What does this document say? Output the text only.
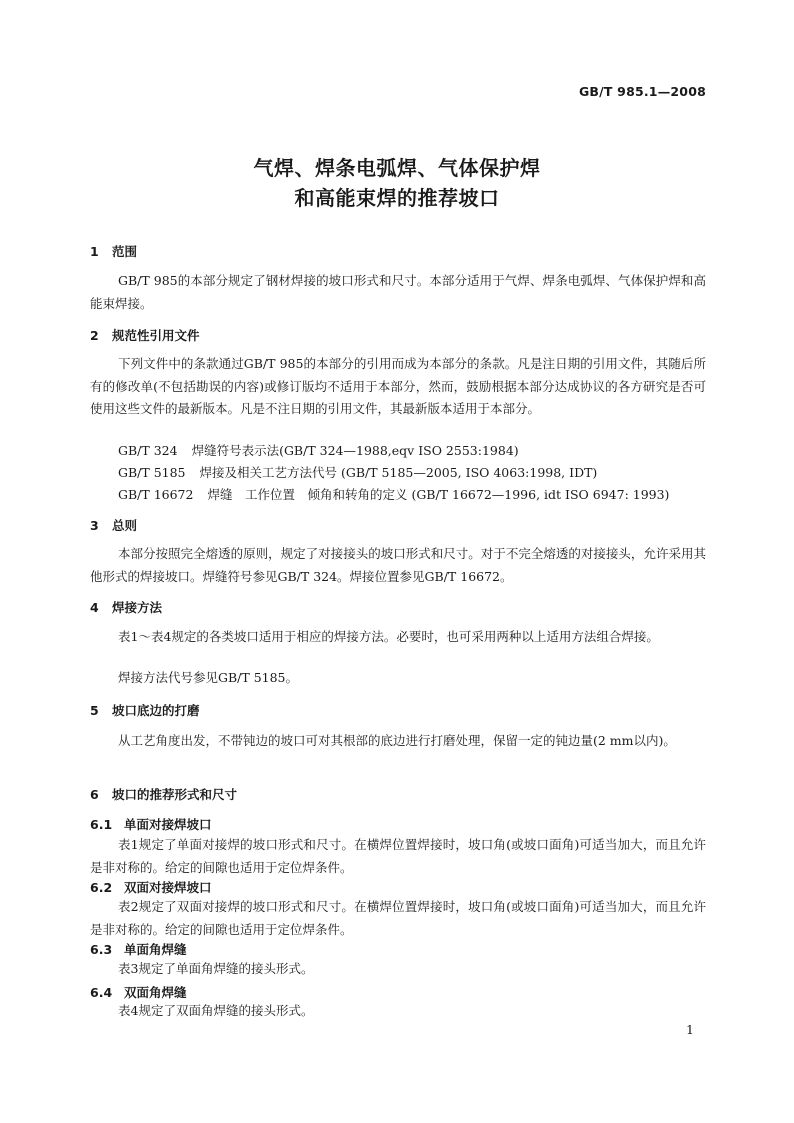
GB/T 985.1—2008
气焊、焊条电弧焊、气体保护焊
和高能束焊的推荐坡口
1 范围
GB/T 985的本部分规定了钢材焊接的坡口形式和尺寸。本部分适用于气焊、焊条电弧焊、气体保护焊和高能束焊接。
2 规范性引用文件
下列文件中的条款通过GB/T 985的本部分的引用而成为本部分的条款。凡是注日期的引用文件，其随后所有的修改单(不包括勘误的内容)或修订版均不适用于本部分，然而，鼓励根据本部分达成协议的各方研究是否可使用这些文件的最新版本。凡是不注日期的引用文件，其最新版本适用于本部分。
GB/T 324 焊缝符号表示法(GB/T 324—1988,eqv ISO 2553:1984)
GB/T 5185 焊接及相关工艺方法代号 (GB/T 5185—2005, ISO 4063:1998, IDT)
GB/T 16672 焊缝　工作位置　倾角和转角的定义 (GB/T 16672—1996, idt ISO 6947: 1993)
3 总则
本部分按照完全熔透的原则，规定了对接接头的坡口形式和尺寸。对于不完全熔透的对接接头，允许采用其他形式的焊接坡口。焊缝符号参见GB/T 324。焊接位置参见GB/T 16672。
4 焊接方法
表1～表4规定的各类坡口适用于相应的焊接方法。必要时，也可采用两种以上适用方法组合焊接。
焊接方法代号参见GB/T 5185。
5 坡口底边的打磨
从工艺角度出发，不带钝边的坡口可对其根部的底边进行打磨处理，保留一定的钝边量(2 mm以内)。
6 坡口的推荐形式和尺寸
6.1 单面对接焊坡口
表1规定了单面对接焊的坡口形式和尺寸。在横焊位置焊接时，坡口角(或坡口面角)可适当加大，而且允许是非对称的。给定的间隙也适用于定位焊条件。
6.2 双面对接焊坡口
表2规定了双面对接焊的坡口形式和尺寸。在横焊位置焊接时，坡口角(或坡口面角)可适当加大，而且允许是非对称的。给定的间隙也适用于定位焊条件。
6.3 单面角焊缝
表3规定了单面角焊缝的接头形式。
6.4 双面角焊缝
表4规定了双面角焊缝的接头形式。
1
